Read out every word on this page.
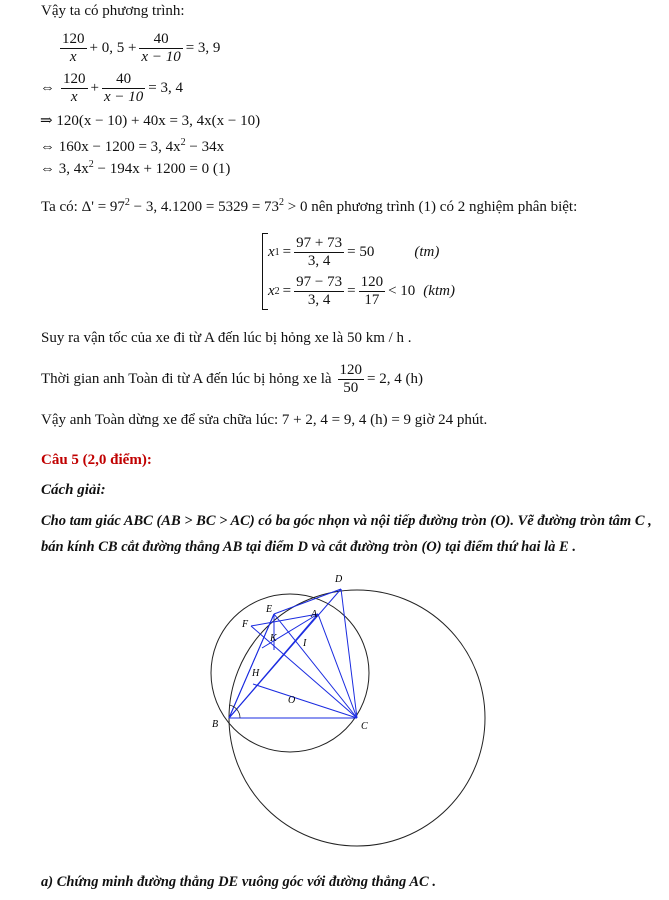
Vậy ta có phương trình:
$\frac{120}{x} + 0$, $5 + \frac{40}{x - 10} = 3$, 9
⇔ $\frac{120}{x} + \frac{40}{x - 10} = 3$, 4
⇒ 120(x − 10) + 40x = 3, 4x(x − 10)
⇔ 160x − 1200 = 3, $4x^2 - 34x$
⇔ 3, $4x^2 - 194x + 1200 = 0$ (1)
Ta có: $\Delta' = 97^2 - 3$, $4.1200 = 5329 = 73^2 > 0$ nên phương trình (1) có 2 nghiệm phân biệt:
x $1 = \frac{97 + 73}{3, 4} = 50$	(tm)
x $2 = \frac{97 - 73}{3, 4} = \frac{120}{17} < 10$ (ktm)
Suy ra vận tốc của xe đi từ A đến lúc bị hỏng xe là 50 km / h .
Thời gian anh Toàn đi từ A đến lúc bị hỏng xe là $\frac{120}{50} = 2$, 4 (h)
Vậy anh Toàn dừng xe để sửa chữa lúc: 7 + 2, 4 = 9, 4 (h) = 9 giờ 24 phút.
Câu 5 (2,0 điểm):
Cách giải:
Cho tam giác ABC (AB > BC > AC) có ba góc nhọn và nội tiếp đường tròn (O). Vẽ đường tròn tâm C ,
bán kính CB cắt đường thẳng AB tại điểm D và cắt đường tròn (O) tại điểm thứ hai là E .
D
E
F
A
K	I
H
O
B	C
a) Chứng minh đường thẳng DE vuông góc với đường thẳng AC .
